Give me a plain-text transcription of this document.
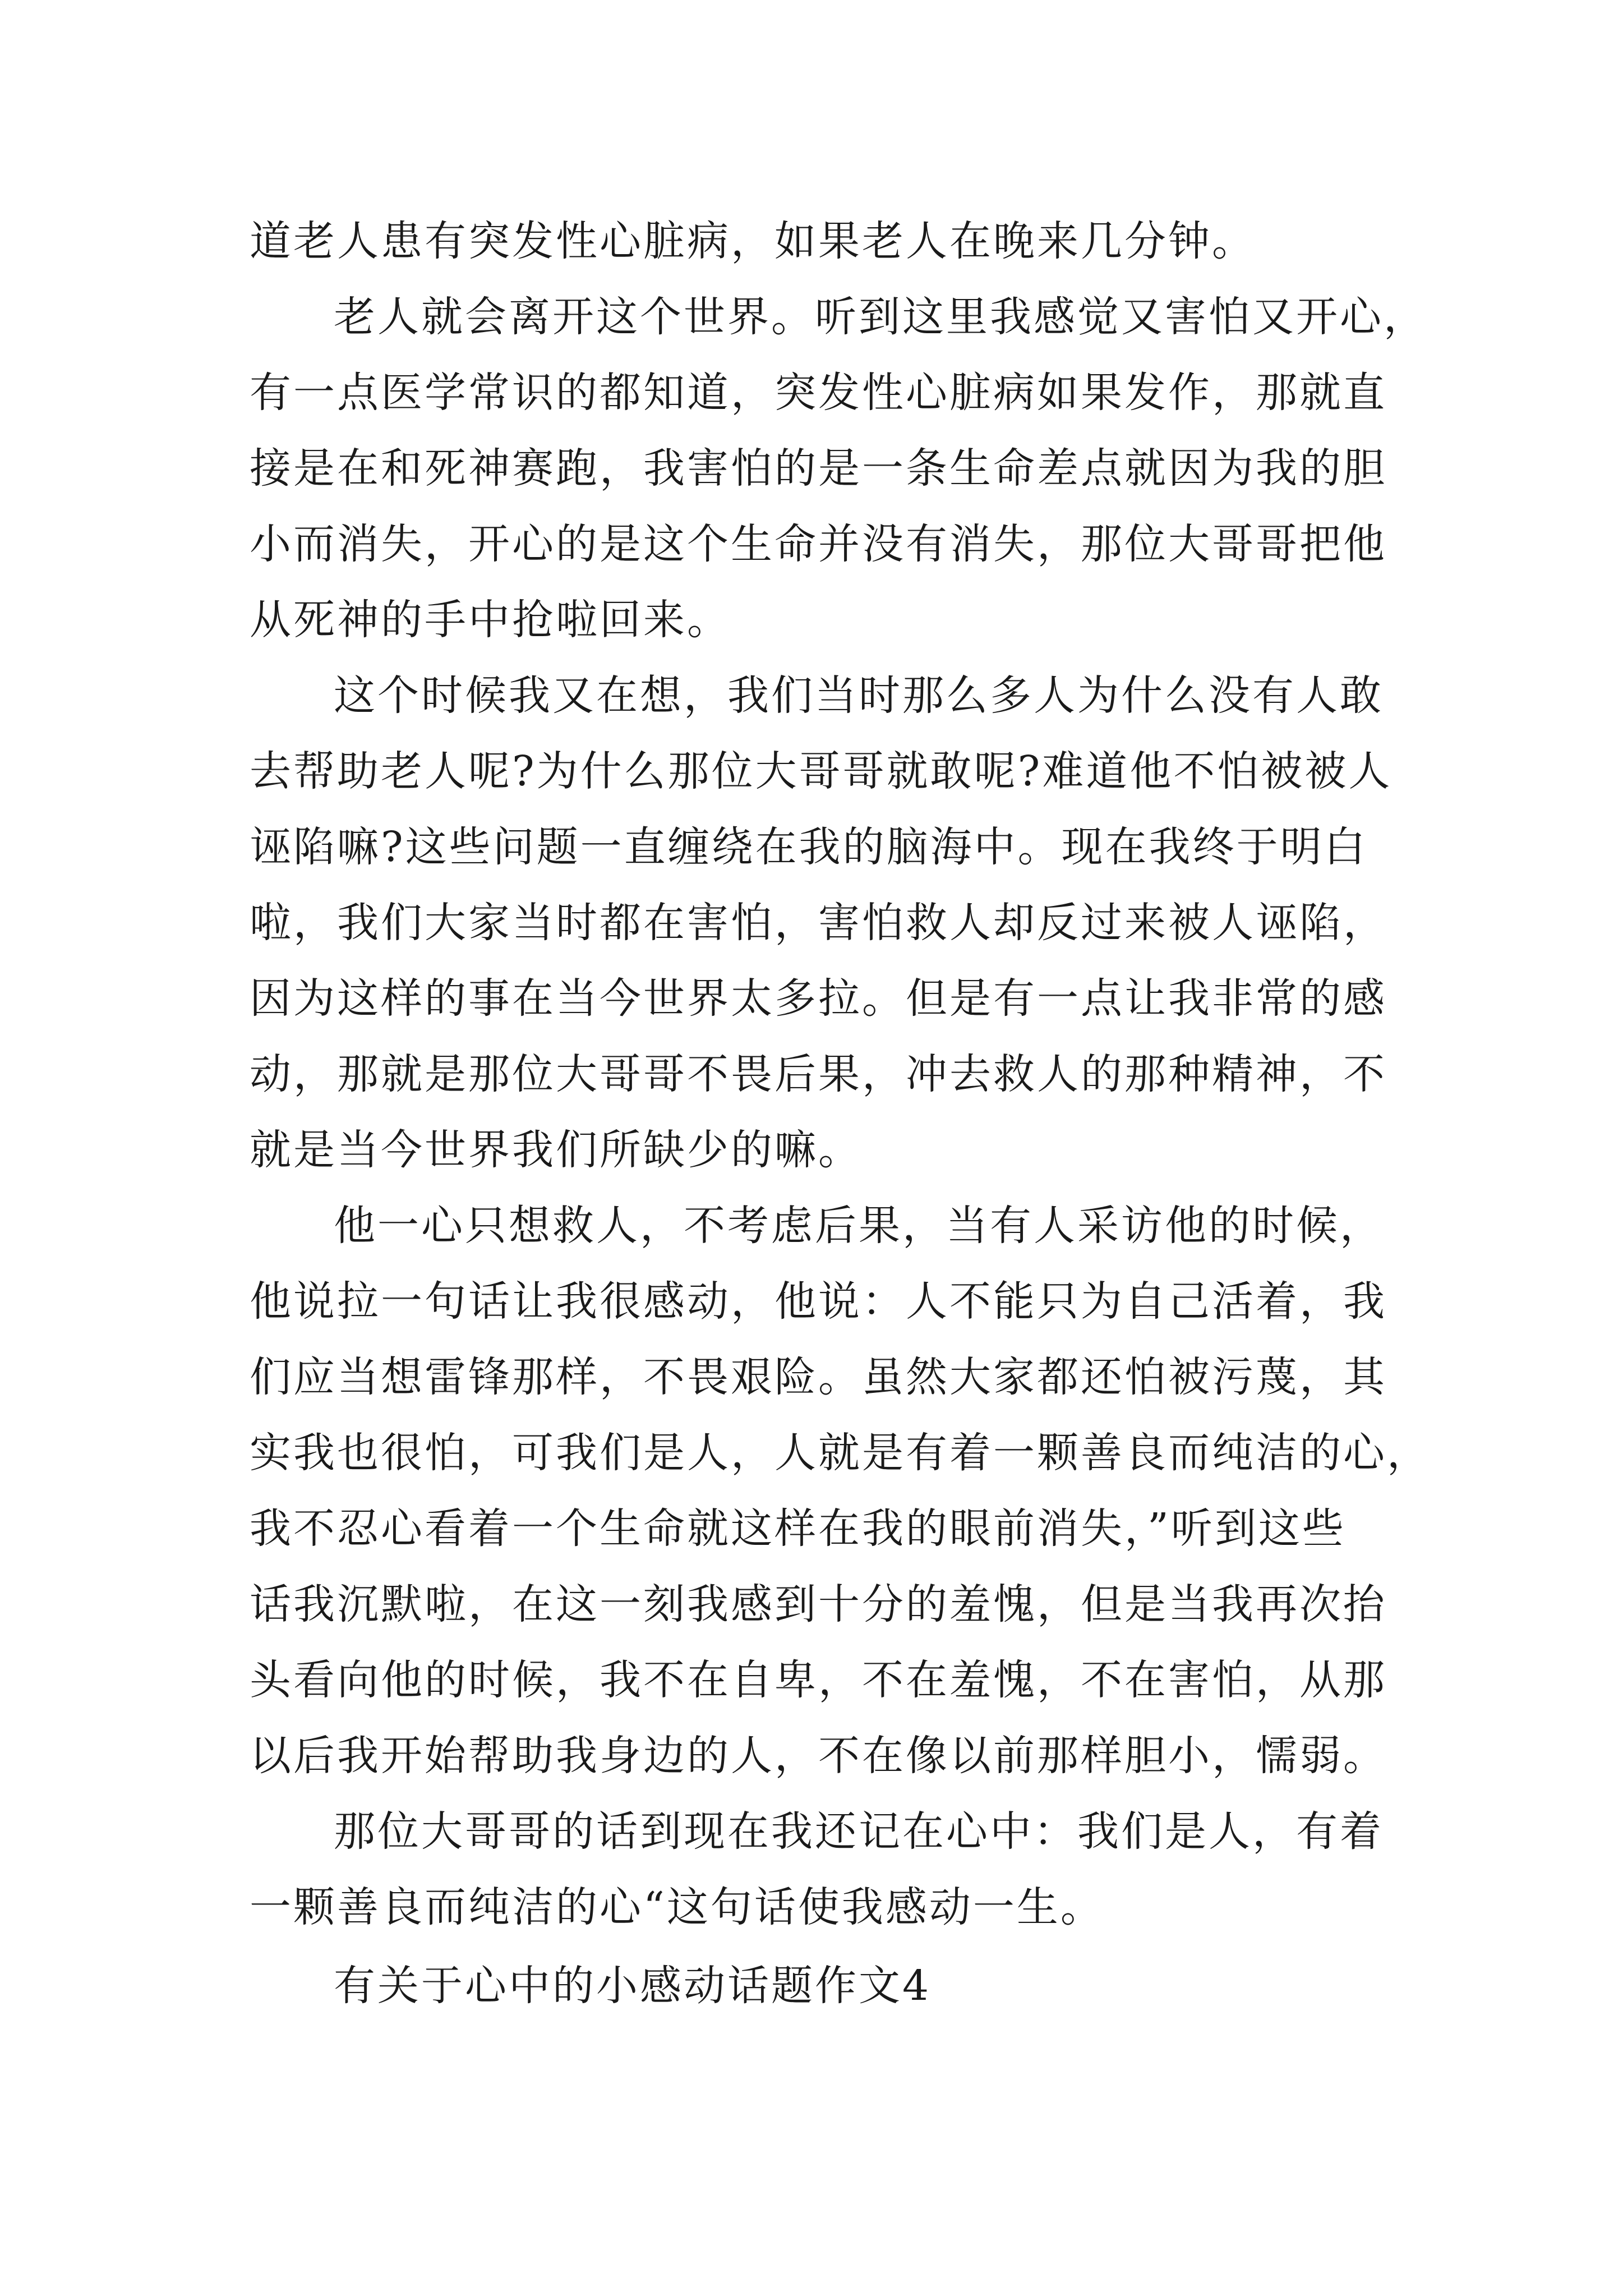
道老人患有突发性心脏病，如果老人在晚来几分钟。
老人就会离开这个世界。听到这里我感觉又害怕又开心，
有一点医学常识的都知道，突发性心脏病如果发作，那就直
接是在和死神赛跑，我害怕的是一条生命差点就因为我的胆
小而消失，开心的是这个生命并没有消失，那位大哥哥把他
从死神的手中抢啦回来。
这个时候我又在想，我们当时那么多人为什么没有人敢
去帮助老人呢?为什么那位大哥哥就敢呢?难道他不怕被被人
诬陷嘛?这些问题一直缠绕在我的脑海中。现在我终于明白
啦，我们大家当时都在害怕，害怕救人却反过来被人诬陷，
因为这样的事在当今世界太多拉。但是有一点让我非常的感
动，那就是那位大哥哥不畏后果，冲去救人的那种精神，不
就是当今世界我们所缺少的嘛。
他一心只想救人，不考虑后果，当有人采访他的时候，
他说拉一句话让我很感动，他说：人不能只为自己活着，我
们应当想雷锋那样，不畏艰险。虽然大家都还怕被污蔑，其
实我也很怕，可我们是人，人就是有着一颗善良而纯洁的心，
我不忍心看着一个生命就这样在我的眼前消失，”听到这些
话我沉默啦，在这一刻我感到十分的羞愧，但是当我再次抬
头看向他的时候，我不在自卑，不在羞愧，不在害怕，从那
以后我开始帮助我身边的人，不在像以前那样胆小，懦弱。
那位大哥哥的话到现在我还记在心中：我们是人，有着
一颗善良而纯洁的心“这句话使我感动一生。
有关于心中的小感动话题作文4
